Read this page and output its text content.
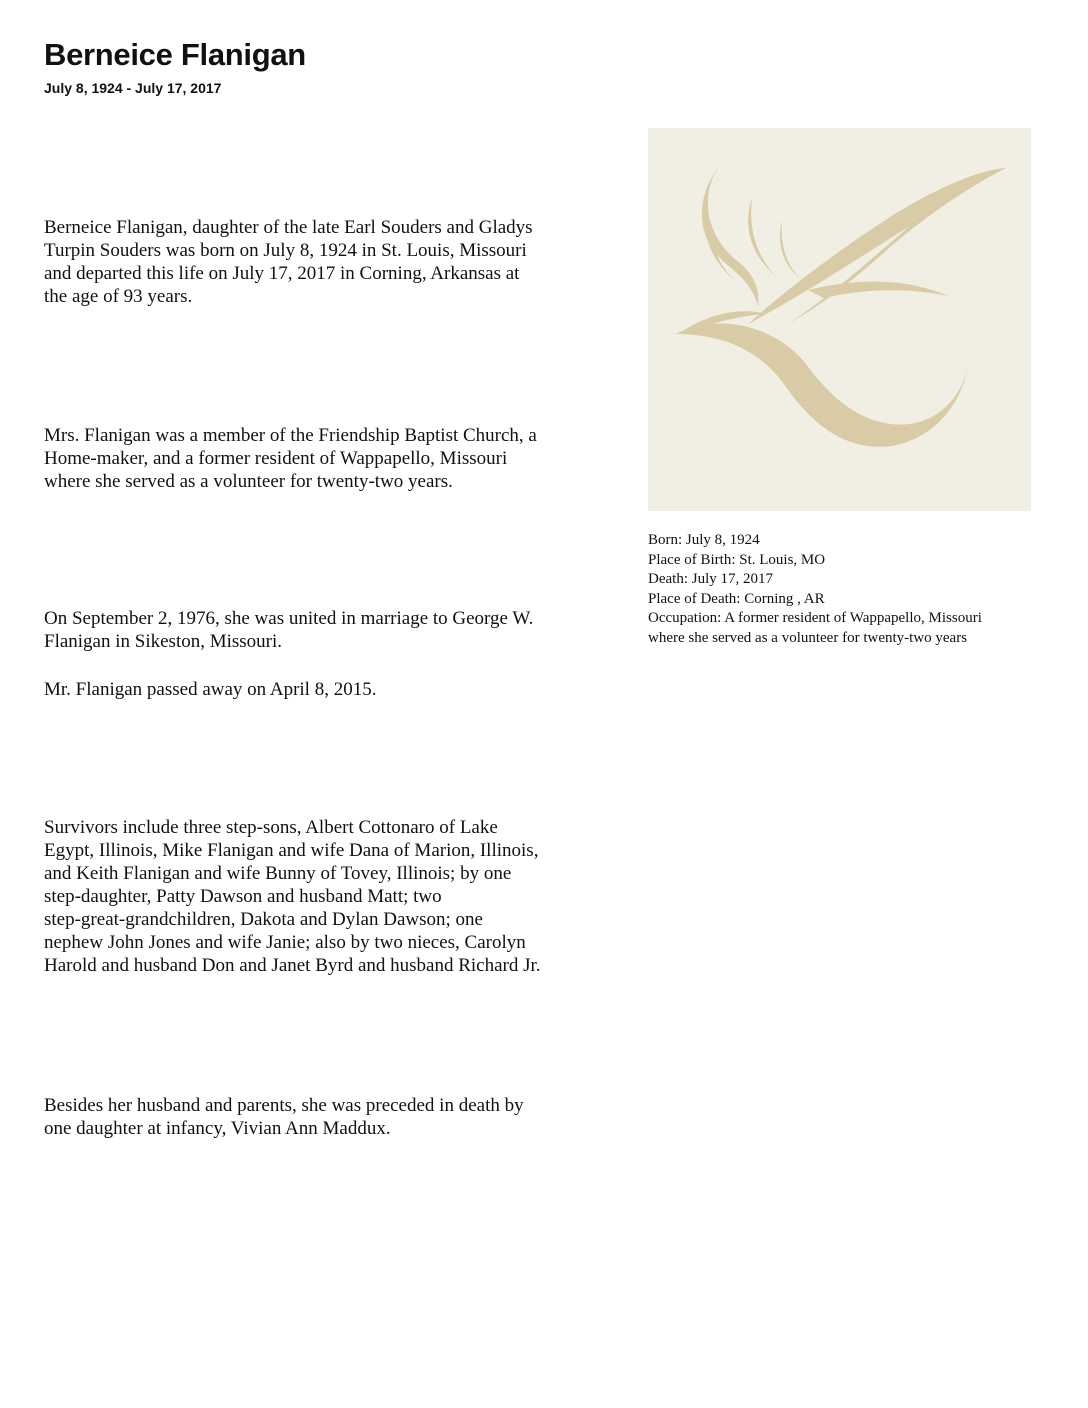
Berneice Flanigan

July 8, 1924 - July 17, 2017

Berneice Flanigan, daughter of the late Earl Souders and Gladys
Turpin Souders was born on July 8, 1924 in St. Louis, Missouri
and departed this life on July 17, 2017 in Corning, Arkansas at
the age of 93 years.

Mrs. Flanigan was a member of the Friendship Baptist Church, a
Home-maker, and a former resident of Wappapello, Missouri
where she served as a volunteer for twenty-two years.

On September 2, 1976, she was united in marriage to George W.
Flanigan in Sikeston, Missouri.

Mr. Flanigan passed away on April 8, 2015.

Survivors include three step-sons, Albert Cottonaro of Lake
Egypt, Illinois, Mike Flanigan and wife Dana of Marion, Illinois,
and Keith Flanigan and wife Bunny of Tovey, Illinois; by one
step-daughter, Patty Dawson and husband Matt; two
step-great-grandchildren, Dakota and Dylan Dawson; one
nephew John Jones and wife Janie; also by two nieces, Carolyn
Harold and husband Don and Janet Byrd and husband Richard Jr.

Besides her husband and parents, she was preceded in death by
one daughter at infancy, Vivian Ann Maddux.

Born: July 8, 1924
Place of Birth: St. Louis, MO
Death: July 17, 2017
Place of Death: Corning , AR
Occupation: A former resident of Wappapello, Missouri
where she served as a volunteer for twenty-two years
